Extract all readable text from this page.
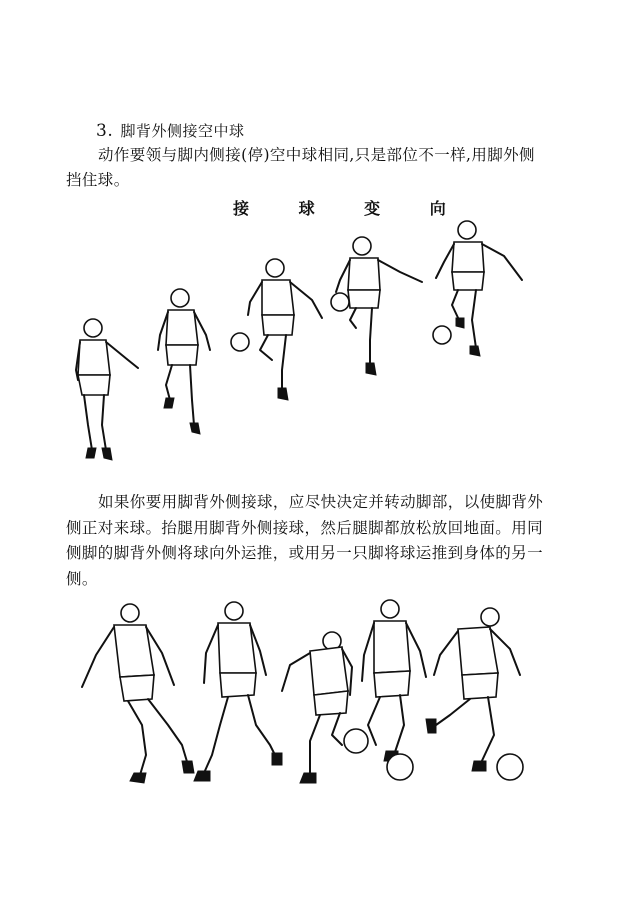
3. 脚背外侧接空中球
动作要领与脚内侧接(停)空中球相同,只是部位不一样,用脚外侧挡住球。
接 球 变 向
如果你要用脚背外侧接球，应尽快决定并转动脚部，以使脚背外侧正对来球。抬腿用脚背外侧接球，然后腿脚都放松放回地面。用同侧脚的脚背外侧将球向外运推，或用另一只脚将球运推到身体的另一侧。
